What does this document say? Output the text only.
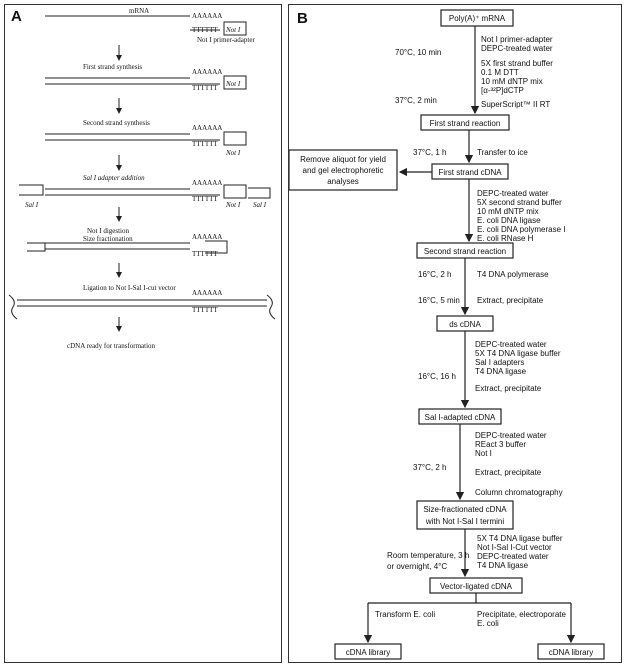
A	mRNA
AAAAAA
TTTTTT Not I
Not I primer-adapter
First strand synthesis
AAAAAA
TTTTTT Not I
Second strand synthesis
AAAAAA
TTTTTT
Not I
Sal I adapter addition
AAAAAA
TTTTTT
Sal I	Not I Sal I
Not I digestion
Size fractionation	AAAAAA
TTTTTT
Ligation to Not I-Sal I-cut vector
AAAAAA
TTTTTT
cDNA ready for transformation
B	Poly(A)⁺ mRNA
First strand reaction
First strand cDNA
Remove aliquot for yield
and gel electrophoretic
analyses
Second strand reaction
ds cDNA
Sal I-adapted cDNA
Size-fractionated cDNA
with Not I-Sal I termini
Vector-ligated cDNA
cDNA library	cDNA library
70°C, 10 min
37°C, 2 min
37°C, 1 h
16°C, 2 h
16°C, 5 min
16°C, 16 h
37°C, 2 h
Room temperature, 3 h
or overnight, 4°C
Not I primer-adapter
DEPC-treated water
5X first strand buffer
0.1 M DTT
10 mM dNTP mix
[α-³²P]dCTP
SuperScript™ II RT
Transfer to ice
DEPC-treated water
5X second strand buffer
10 mM dNTP mix
E. coli DNA ligase
E. coli DNA polymerase I
E. coli RNase H
T4 DNA polymerase
Extract, precipitate
DEPC-treated water
5X T4 DNA ligase buffer
Sal I adapters
T4 DNA ligase
Extract, precipitate
DEPC-treated water
REact 3 buffer
Not I
Extract, precipitate
Column chromatography
5X T4 DNA ligase buffer
Not I-Sal I-Cut vector
DEPC-treated water
T4 DNA ligase
Transform E. coli	Precipitate, electroporate
E. coli
